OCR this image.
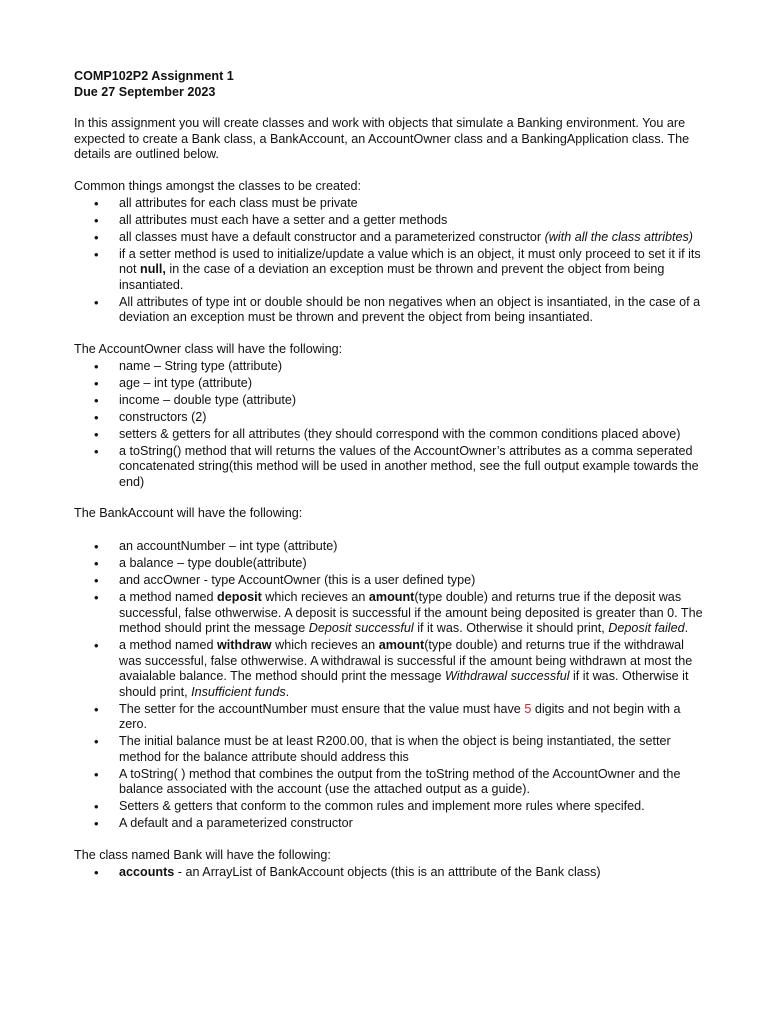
COMP102P2 Assignment 1

Due 27 September 2023

In this assignment you will create classes and work with objects that simulate a Banking environment. You are expected to create a Bank class, a BankAccount, an AccountOwner class and a BankingApplication class. The details are outlined below.

Common things amongst the classes to be created:

• all attributes for each class must be private
• all attributes must each have a setter and a getter methods
• all classes must have a default constructor and a parameterized constructor (with all the class attribtes)
• if a setter method is used to initialize/update a value which is an object, it must only proceed to set it if its not null, in the case of a deviation an exception must be thrown and prevent the object from being insantiated.
• All attributes of type int or double should be non negatives when an object is insantiated, in the case of a deviation an exception must be thrown and prevent the object from being insantiated.

The AccountOwner class will have the following:

• name – String type (attribute)
• age – int type (attribute)
• income – double type (attribute)
• constructors (2)
• setters & getters for all attributes (they should correspond with the common conditions placed above)
• a toString() method that will returns the values of the AccountOwner’s attributes as a comma seperated concatenated string(this method will be used in another method, see the full output example towards the end)

The BankAccount will have the following:

• an accountNumber – int type (attribute)
• a balance – type double(attribute)
• and accOwner - type AccountOwner (this is a user defined type)
• a method named deposit which recieves an amount(type double) and returns true if the deposit was successful, false othwerwise. A deposit is successful if the amount being deposited is greater than 0. The method should print the message Deposit successful if it was. Otherwise it should print, Deposit failed.
• a method named withdraw which recieves an amount(type double) and returns true if the withdrawal was successful, false othwerwise. A withdrawal is successful if the amount being withdrawn at most the avaialable balance. The method should print the message Withdrawal successful if it was. Otherwise it should print, Insufficient funds.
• The setter for the accountNumber must ensure that the value must have 5 digits and not begin with a zero.
• The initial balance must be at least R200.00, that is when the object is being instantiated, the setter method for the balance attribute should address this
• A toString( ) method that combines the output from the toString method of the AccountOwner and the balance associated with the account (use the attached output as a guide).
• Setters & getters that conform to the common rules and implement more rules where specifed.
• A default and a parameterized constructor

The class named Bank will have the following:

• accounts - an ArrayList of BankAccount objects (this is an atttribute of the Bank class)
